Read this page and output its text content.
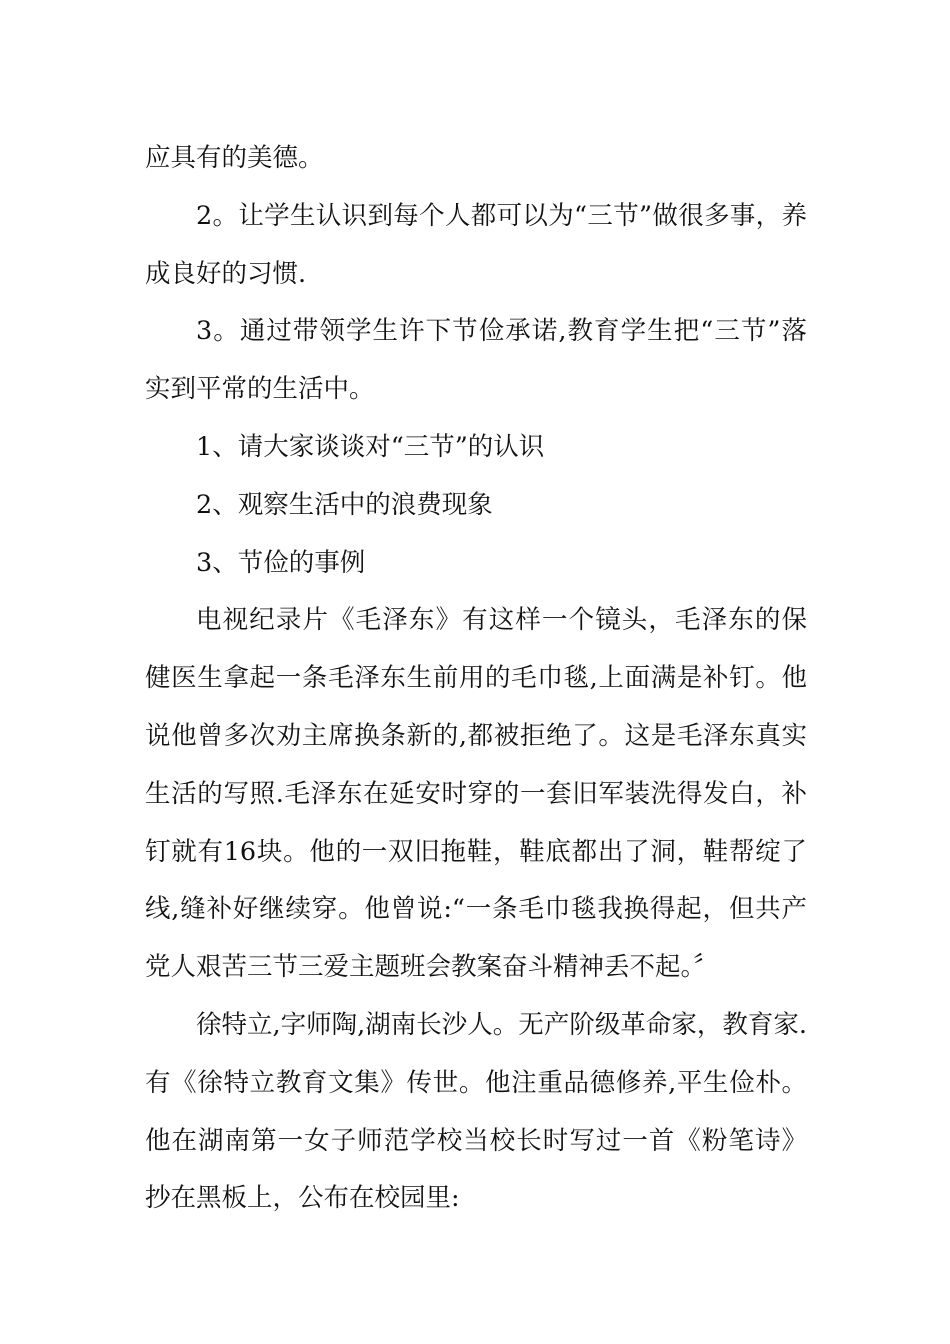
应具有的美德。

2。让学生认识到每个人都可以为“三节”做很多事，养成良好的习惯.

3。通过带领学生许下节俭承诺,教育学生把“三节”落实到平常的生活中。

1、请大家谈谈对“三节”的认识

2、观察生活中的浪费现象

3、节俭的事例

电视纪录片《毛泽东》有这样一个镜头，毛泽东的保健医生拿起一条毛泽东生前用的毛巾毯,上面满是补钉。他说他曾多次劝主席换条新的,都被拒绝了。这是毛泽东真实生活的写照.毛泽东在延安时穿的一套旧军装洗得发白，补钉就有16块。他的一双旧拖鞋，鞋底都出了洞，鞋帮绽了线,缝补好继续穿。他曾说:“一条毛巾毯我换得起，但共产党人艰苦三节三爱主题班会教案奋斗精神丢不起。〞

徐特立,字师陶,湖南长沙人。无产阶级革命家，教育家.有《徐特立教育文集》传世。他注重品德修养,平生俭朴。他在湖南第一女子师范学校当校长时写过一首《粉笔诗》抄在黑板上，公布在校园里:
